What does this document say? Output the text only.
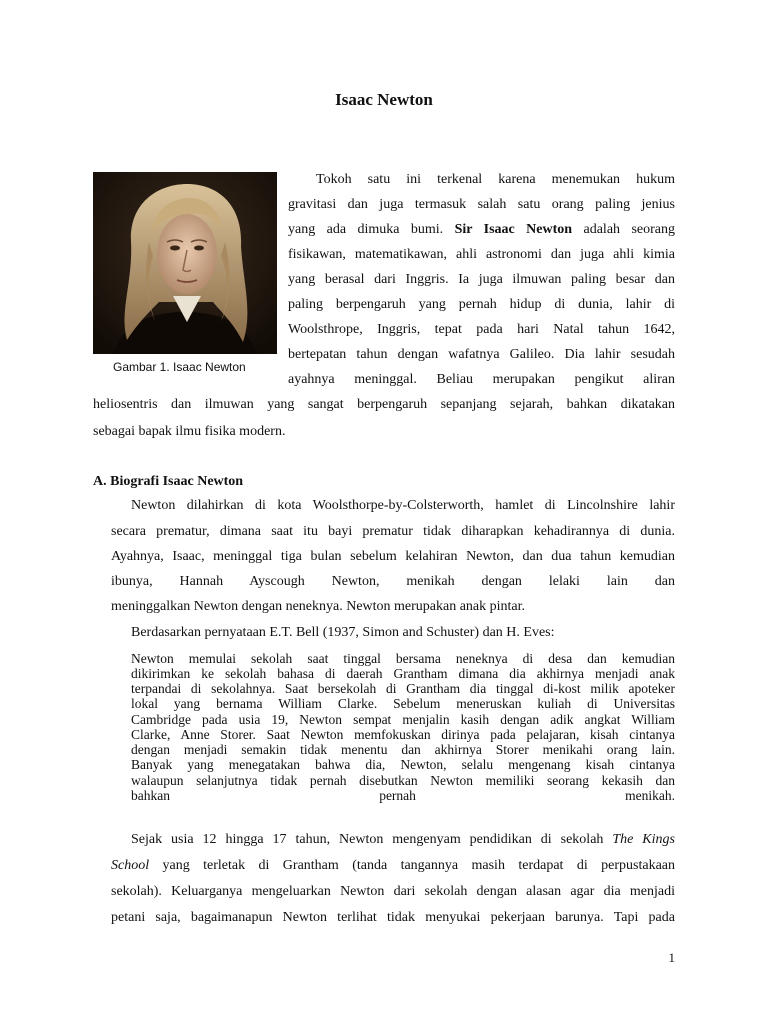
Isaac Newton
Gambar 1. Isaac Newton
Tokoh satu ini terkenal karena menemukan hukum
gravitasi dan juga termasuk salah satu orang paling jenius
yang ada dimuka bumi. Sir Isaac Newton adalah seorang
fisikawan, matematikawan, ahli astronomi dan juga ahli kimia
yang berasal dari Inggris. Ia juga ilmuwan paling besar dan
paling berpengaruh yang pernah hidup di dunia, lahir di
Woolsthrope, Inggris, tepat pada hari Natal tahun 1642,
bertepatan tahun dengan wafatnya Galileo. Dia lahir sesudah
ayahnya meninggal. Beliau merupakan pengikut aliran
heliosentris dan ilmuwan yang sangat berpengaruh sepanjang sejarah, bahkan dikatakan
sebagai bapak ilmu fisika modern.
A. Biografi Isaac Newton
Newton dilahirkan di kota Woolsthorpe-by-Colsterworth, hamlet di Lincolnshire lahir
secara prematur, dimana saat itu bayi prematur tidak diharapkan kehadirannya di dunia.
Ayahnya, Isaac, meninggal tiga bulan sebelum kelahiran Newton, dan dua tahun kemudian
ibunya, Hannah Ayscough Newton, menikah dengan lelaki lain dan
meninggalkan Newton dengan neneknya. Newton merupakan anak pintar.
Berdasarkan pernyataan E.T. Bell (1937, Simon and Schuster) dan H. Eves:
Newton memulai sekolah saat tinggal bersama neneknya di desa dan kemudian
dikirimkan ke sekolah bahasa di daerah Grantham dimana dia akhirnya menjadi anak
terpandai di sekolahnya. Saat bersekolah di Grantham dia tinggal di-kost milik apoteker
lokal yang bernama William Clarke. Sebelum meneruskan kuliah di Universitas
Cambridge pada usia 19, Newton sempat menjalin kasih dengan adik angkat William
Clarke, Anne Storer. Saat Newton memfokuskan dirinya pada pelajaran, kisah cintanya
dengan menjadi semakin tidak menentu dan akhirnya Storer menikahi orang lain.
Banyak yang menegatakan bahwa dia, Newton, selalu mengenang kisah cintanya
walaupun selanjutnya tidak pernah disebutkan Newton memiliki seorang kekasih dan
bahkan pernah menikah.
Sejak usia 12 hingga 17 tahun, Newton mengenyam pendidikan di sekolah The Kings
School yang terletak di Grantham (tanda tangannya masih terdapat di perpustakaan
sekolah). Keluarganya mengeluarkan Newton dari sekolah dengan alasan agar dia menjadi
petani saja, bagaimanapun Newton terlihat tidak menyukai pekerjaan barunya. Tapi pada
1
